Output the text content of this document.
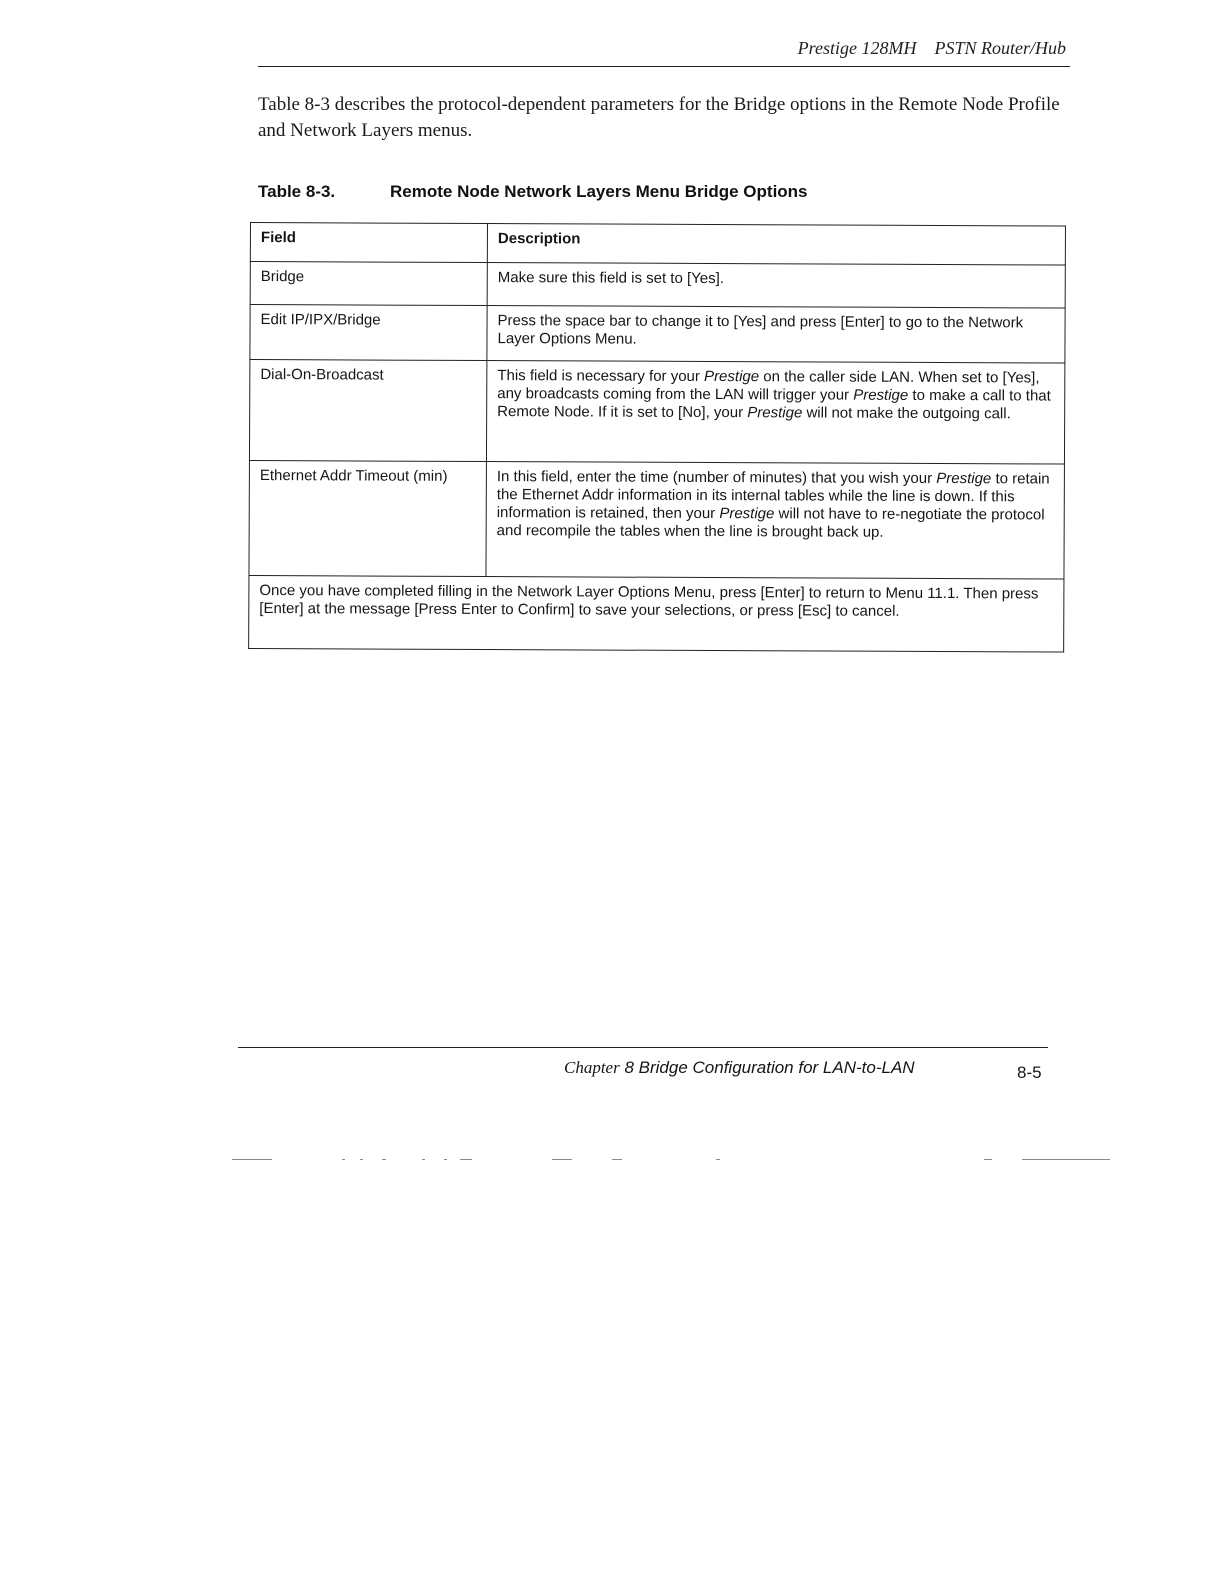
Prestige 128MH PSTN Router/Hub
Table 8-3 describes the protocol-dependent parameters for the Bridge options in the Remote Node Profile and Network Layers menus.
Table 8-3.	Remote Node Network Layers Menu Bridge Options
Field	Description
Bridge	Make sure this field is set to [Yes].
Edit IP/IPX/Bridge	Press the space bar to change it to [Yes] and press [Enter] to go to the Network Layer Options Menu.
Dial-On-Broadcast	This field is necessary for your Prestige on the caller side LAN. When set to [Yes], any broadcasts coming from the LAN will trigger your Prestige to make a call to that Remote Node. If it is set to [No], your Prestige will not make the outgoing call.
Ethernet Addr Timeout (min)	In this field, enter the time (number of minutes) that you wish your Prestige to retain the Ethernet Addr information in its internal tables while the line is down. If this information is retained, then your Prestige will not have to re-negotiate the protocol and recompile the tables when the line is brought back up.
Once you have completed filling in the Network Layer Options Menu, press [Enter] to return to Menu 11.1. Then press [Enter] at the message [Press Enter to Confirm] to save your selections, or press [Esc] to cancel.	
Chapter 8 Bridge Configuration for LAN-to-LAN	8-5
